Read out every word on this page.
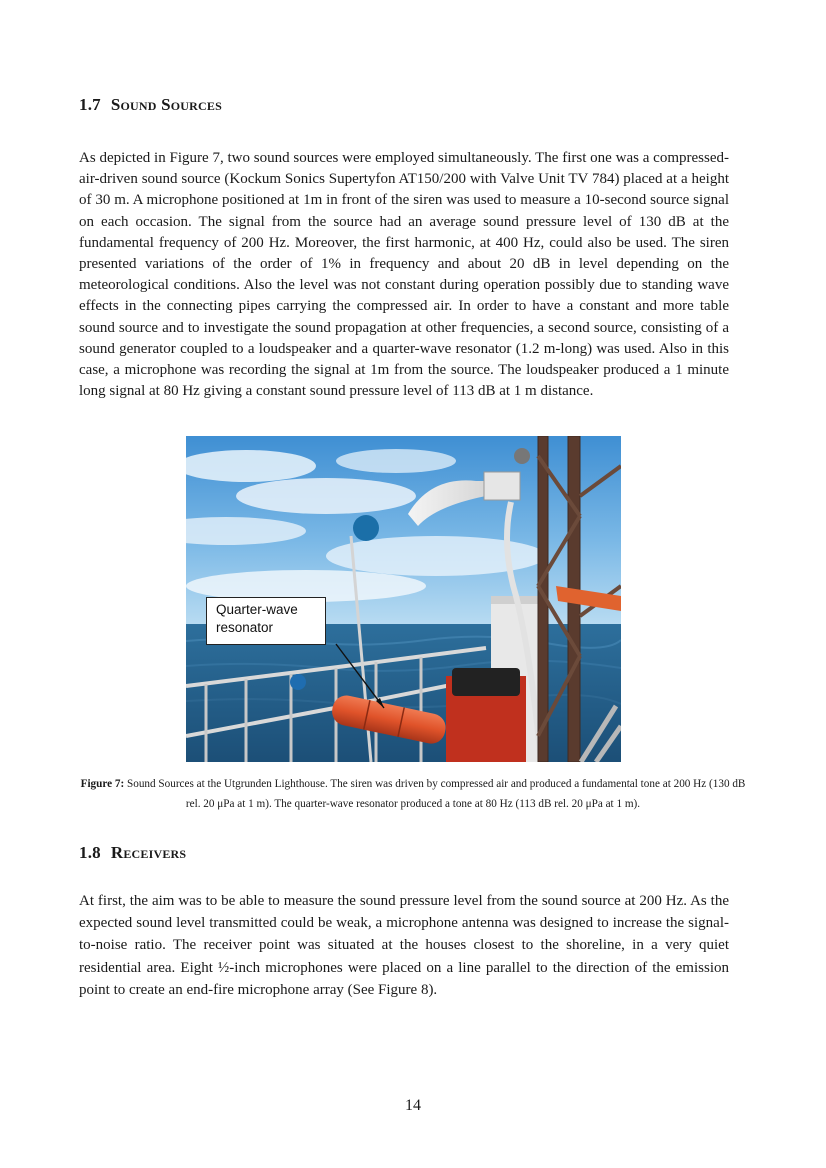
1.7 Sound Sources

As depicted in Figure 7, two sound sources were employed simultaneously. The first one was a compressed-air-driven sound source (Kockum Sonics Supertyfon AT150/200 with Valve Unit TV 784) placed at a height of 30 m. A microphone positioned at 1m in front of the siren was used to measure a 10-second source signal on each occasion. The signal from the source had an average sound pressure level of 130 dB at the fundamental frequency of 200 Hz. Moreover, the first harmonic, at 400 Hz, could also be used. The siren presented variations of the order of 1% in frequency and about 20 dB in level depending on the meteorological conditions. Also the level was not constant during operation possibly due to standing wave effects in the connecting pipes carrying the compressed air. In order to have a constant and more table sound source and to investigate the sound propagation at other frequencies, a second source, consisting of a sound generator coupled to a loudspeaker and a quarter-wave resonator (1.2 m-long) was used. Also in this case, a microphone was recording the signal at 1m from the source. The loudspeaker produced a 1 minute long signal at 80 Hz giving a constant sound pressure level of 113 dB at 1 m distance.

Quarter-wave
resonator

Figure 7: Sound Sources at the Utgrunden Lighthouse. The siren was driven by compressed air and produced a fundamental tone at 200 Hz (130 dB rel. 20 μPa at 1 m). The quarter-wave resonator produced a tone at 80 Hz (113 dB rel. 20 μPa at 1 m).

1.8 Receivers

At first, the aim was to be able to measure the sound pressure level from the sound source at 200 Hz. As the expected sound level transmitted could be weak, a microphone antenna was designed to increase the signal-to-noise ratio. The receiver point was situated at the houses closest to the shoreline, in a very quiet residential area. Eight ½-inch microphones were placed on a line parallel to the direction of the emission point to create an end-fire microphone array (See Figure 8).

14
